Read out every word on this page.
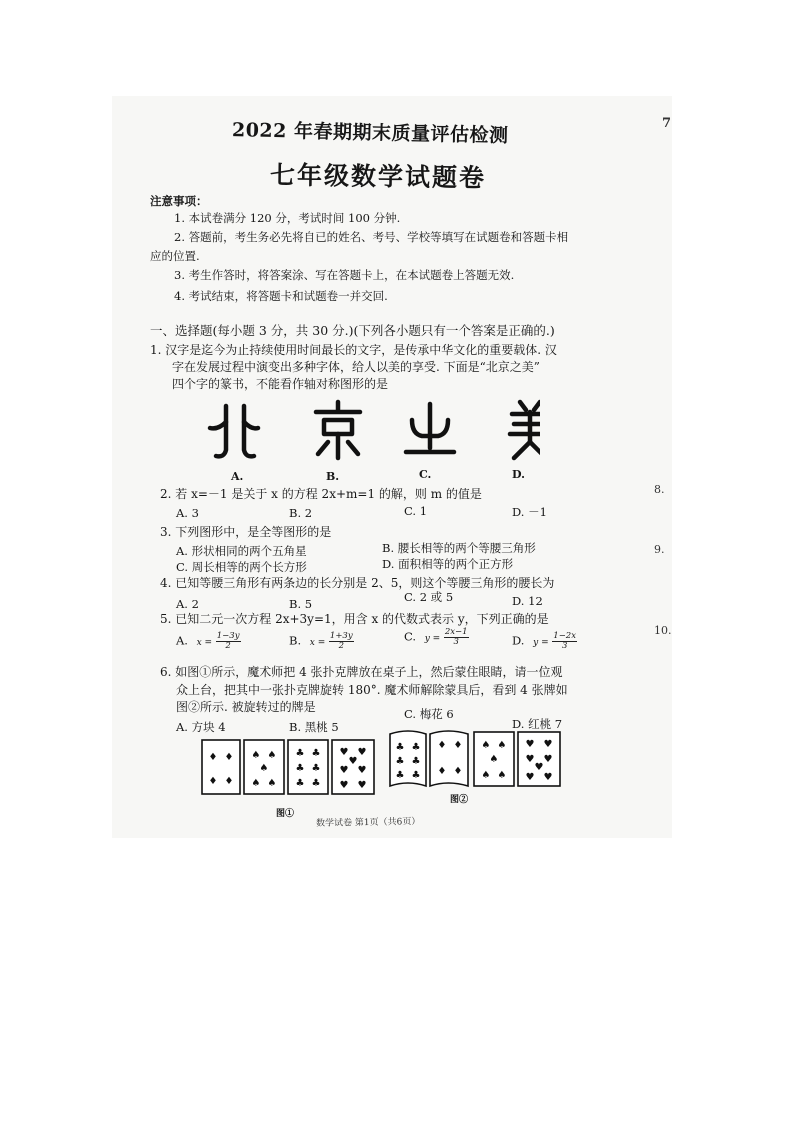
7
2022 年春期期末质量评估检测
七年级数学试题卷
注意事项：
1. 本试卷满分 120 分，考试时间 100 分钟.
2. 答题前，考生务必先将自已的姓名、考号、学校等填写在试题卷和答题卡相
应的位置.
3. 考生作答时，将答案涂、写在答题卡上，在本试题卷上答题无效.
4. 考试结束，将答题卡和试题卷一并交回.
一、选择题(每小题 3 分，共 30 分.)(下列各小题只有一个答案是正确的.)
1. 汉字是迄今为止持续使用时间最长的文字，是传承中华文化的重要载体. 汉
字在发展过程中演变出多种字体，给人以美的享受. 下面是“北京之美”
四个字的篆书，不能看作轴对称图形的是
A.	B.	C.	D.
2. 若 x=－1 是关于 x 的方程 2x+m=1 的解，则 m 的值是
A. 3	B. 2	C. 1	D. －1
3. 下列图形中，是全等图形的是
A. 形状相同的两个五角星	B. 腰长相等的两个等腰三角形
C. 周长相等的两个长方形	D. 面积相等的两个正方形
4. 已知等腰三角形有两条边的长分别是 2、5，则这个等腰三角形的腰长为
A. 2	B. 5	C. 2 或 5	D. 12
5. 已知二元一次方程 2x+3y=1，用含 x 的代数式表示 y，下列正确的是
A. $x = \frac{1-3y}{2}$	B. $x = \frac{1+3y}{2}$	C. $y = \frac{2x-1}{3}$	D. $y = \frac{1-2x}{3}$
6. 如图①所示，魔术师把 4 张扑克牌放在桌子上，然后蒙住眼睛，请一位观
众上台，把其中一张扑克牌旋转 180°. 魔术师解除蒙具后，看到 4 张牌如
图②所示. 被旋转过的牌是
A. 方块 4	B. 黑桃 5
C. 梅花 6
D. 红桃 7
♦ ♦
♦ ♦
♠ ♠
♠
♠ ♠
♣ ♣
♣ ♣
♣ ♣
♥ ♥
♥
♥ ♥
♥ ♥
图①
♣ ♣
♣ ♣
♣ ♣
♦ ♦
♦ ♦
♠ ♠
♠
♠ ♠
♥ ♥
♥ ♥
♥
♥ ♥
图②
8.
9.
10.
数学试卷 第1页（共6页）
